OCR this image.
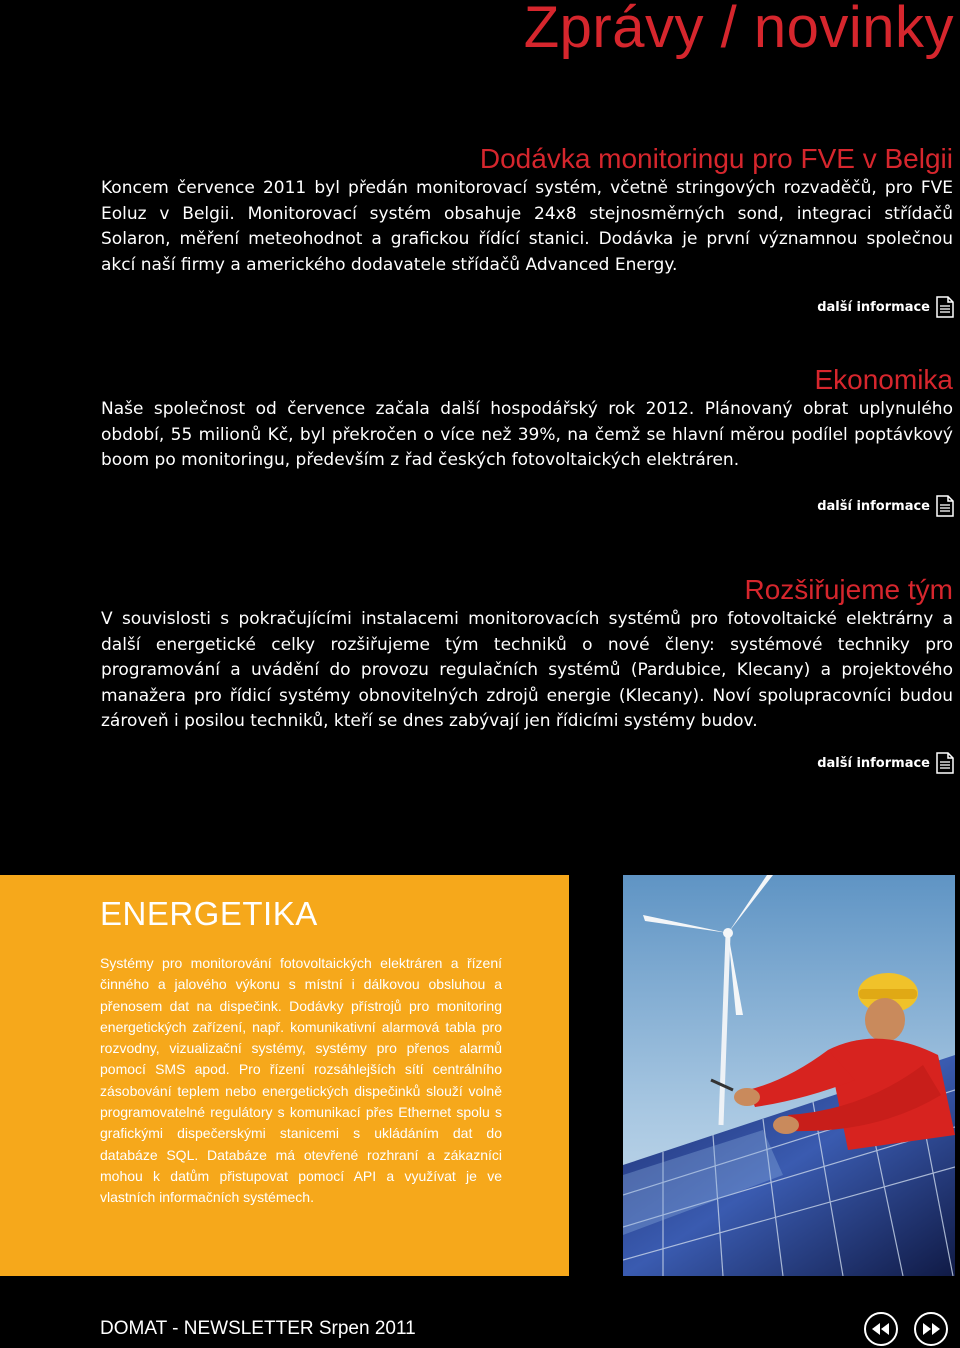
Zprávy / novinky
Dodávka monitoringu pro FVE v Belgii

Koncem července 2011 byl předán monitorovací systém, včetně stringových rozvaděčů, pro FVE Eoluz v Belgii. Monitorovací systém obsahuje 24x8 stejnosměrných sond, integraci střídačů Solaron, měření meteohodnot a grafickou řídící stanici. Dodávka je první významnou společnou akcí naší firmy a amerického dodavatele střídačů Advanced Energy.

další informace
Ekonomika

Naše společnost od července začala další hospodářský rok 2012. Plánovaný obrat uplynulého období, 55 milionů Kč, byl překročen o více než 39%, na čemž se hlavní měrou podílel poptávkový boom po monitoringu, především z řad českých fotovoltaických elektráren.

další informace
Rozšiřujeme tým

V souvislosti s pokračujícími instalacemi monitorovacích systémů pro fotovoltaické elektrárny a další energetické celky rozšiřujeme tým techniků o nové členy: systémové techniky pro programování a uvádění do provozu regulačních systémů (Pardubice, Klecany) a projektového manažera pro řídicí systémy obnovitelných zdrojů energie (Klecany). Noví spolupracovníci budou zároveň i posilou techniků, kteří se dnes zabývají jen řídicími systémy budov.

další informace
ENERGETIKA

Systémy pro monitorování fotovoltaických elektráren a řízení činného a jalového výkonu s místní i dálkovou obsluhou a přenosem dat na dispečink. Dodávky přístrojů pro monitoring energetických zařízení, např. komunikativní alarmová tabla pro rozvodny, vizualizační systémy, systémy pro přenos alarmů pomocí SMS apod. Pro řízení rozsáhlejších sítí centrálního zásobování teplem nebo energetických dispečinků slouží volně programovatelné regulátory s komunikací přes Ethernet spolu s grafickými dispečerskými stanicemi s ukládáním dat do databáze SQL. Databáze má otevřené rozhraní a zákazníci mohou k datům přistupovat pomocí API a využívat je ve vlastních informačních systémech.

DOMAT - NEWSLETTER Srpen 2011
